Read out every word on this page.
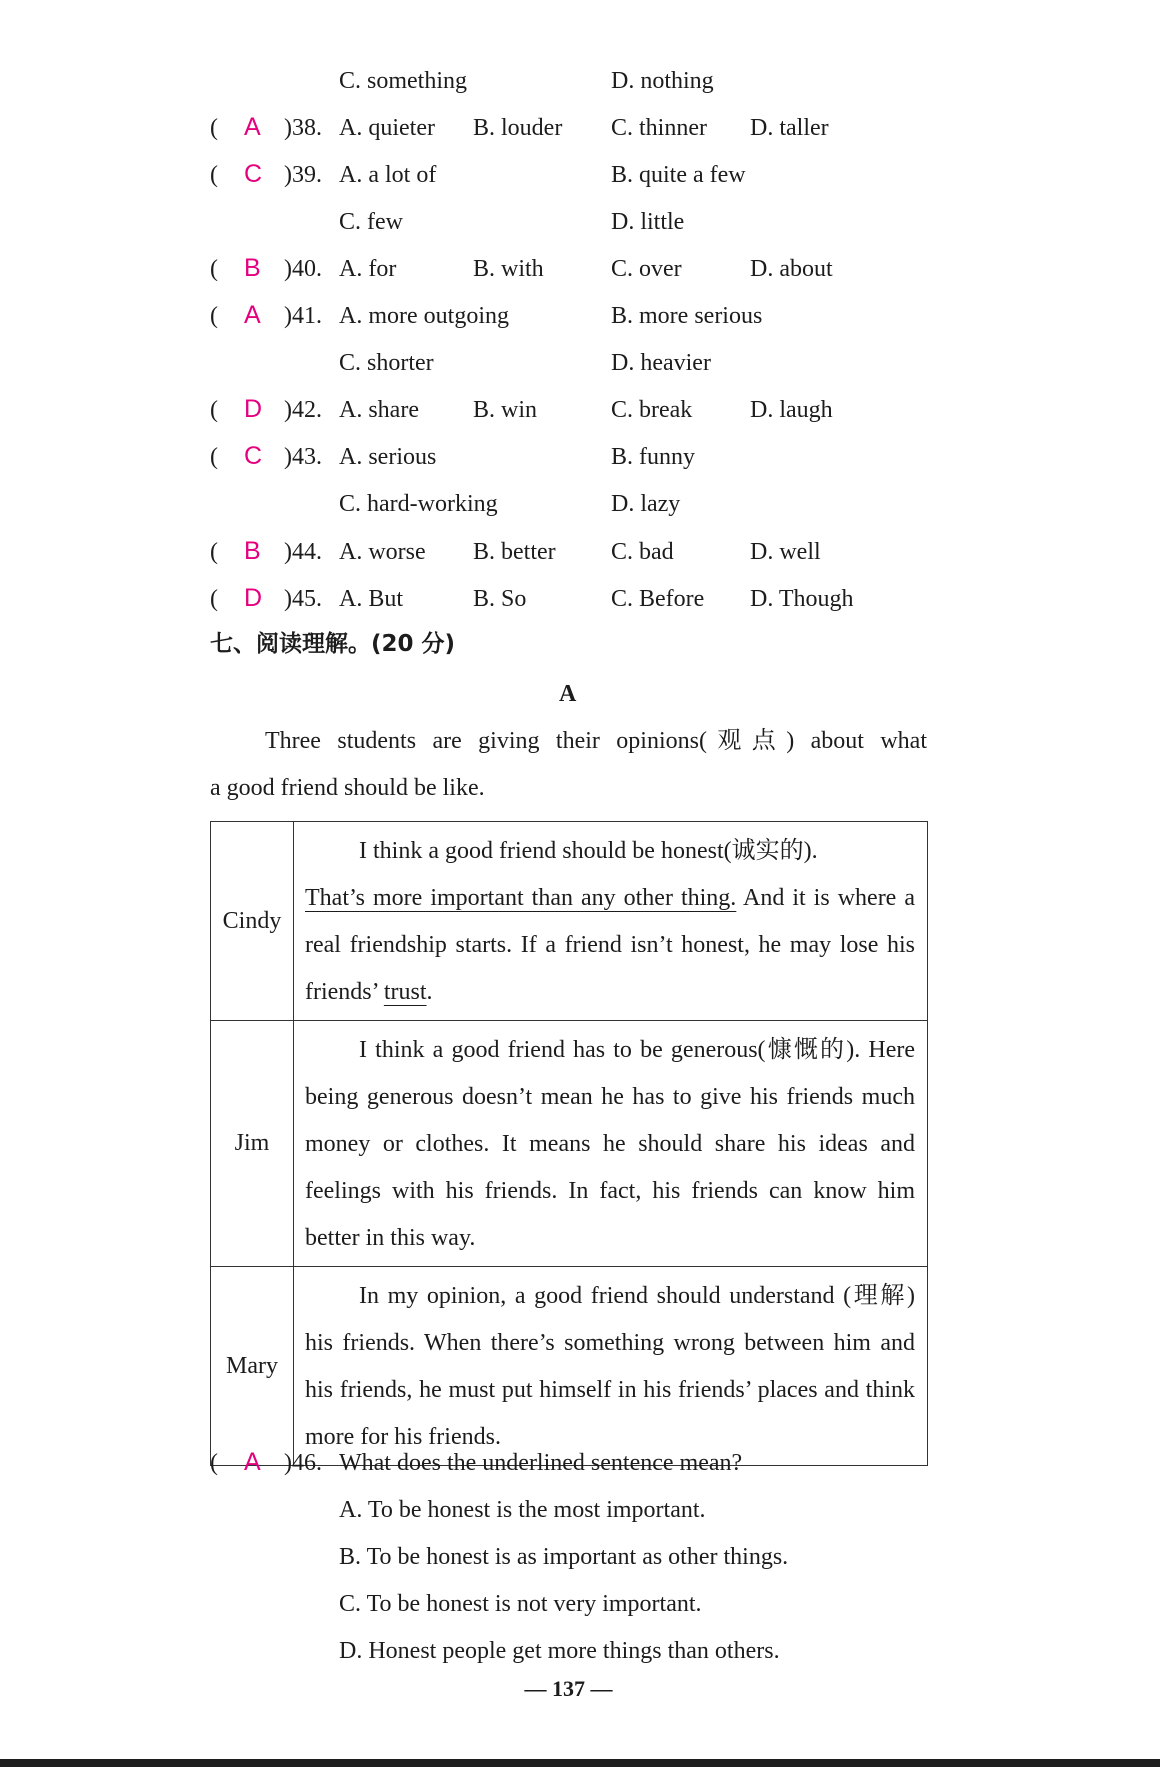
C. something	D. nothing
( A )38. A. quieter B. louder C. thinner D. taller
( C )39. A. a lot of	B. quite a few
C. few	D. little
( B )40. A. for	B. with	C. over	D. about
( A )41. A. more outgoing	B. more serious
C. shorter	D. heavier
( D )42. A. share B. win	C. break D. laugh
( C )43. A. serious	B. funny
C. hard-working	D. lazy
( B )44. A. worse B. better C. bad	D. well
( D )45. A. But	B. So	C. Before D. Though
七、阅读理解。(20 分)
A
Three students are giving their opinions(观点) about what
a good friend should be like.
Cindy	I think a good friend should be honest(诚实的).
That’s more important than any other thing. And it is where a real friendship starts. If a friend isn’t honest, he may lose his friends’ trust.
Jim	I think a good friend has to be generous(慷慨的). Here being generous doesn’t mean he has to give his friends much money or clothes. It means he should share his ideas and feelings with his friends. In fact, his friends can know him better in this way.
Mary	In my opinion, a good friend should understand (理解) his friends. When there’s something wrong between him and his friends, he must put himself in his friends’ places and think more for his friends.
( A )46. What does the underlined sentence mean?
A. To be honest is the most important.
B. To be honest is as important as other things.
C. To be honest is not very important.
D. Honest people get more things than others.
— 137 —
